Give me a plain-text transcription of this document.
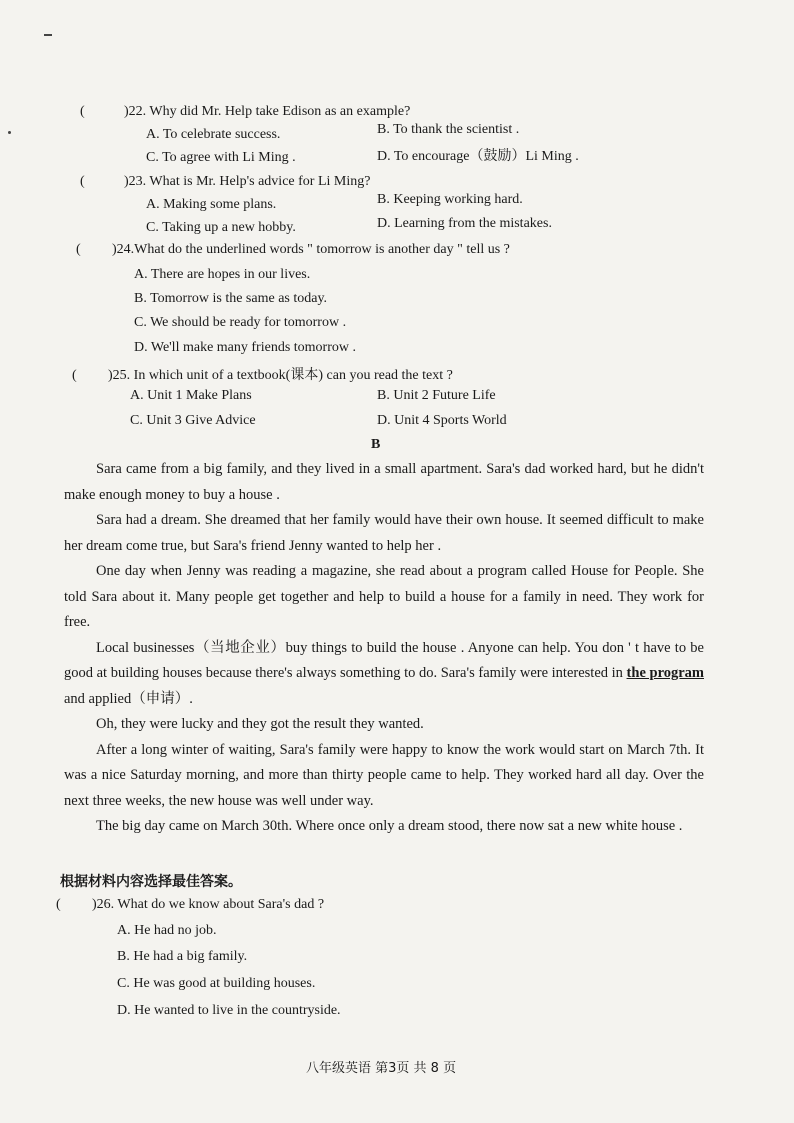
(	)22. Why did Mr. Help take Edison as an example?
A. To celebrate success.	B. To thank the scientist .
C. To agree with Li Ming .	D. To encourage（鼓励）Li Ming .
(	)23. What is Mr. Help's advice for Li Ming?
A. Making some plans.	B. Keeping working hard.
C. Taking up a new hobby.	D. Learning from the mistakes.
( )24.What do the underlined words " tomorrow is another day " tell us ?
A. There are hopes in our lives.
B. Tomorrow is the same as today.
C. We should be ready for tomorrow .
D. We'll make many friends tomorrow .
( )25. In which unit of a textbook(课本) can you read the text ?
A. Unit 1 Make Plans	B. Unit 2 Future Life
C. Unit 3 Give Advice	D. Unit 4 Sports World
B

Sara came from a big family, and they lived in a small apartment. Sara's dad worked hard, but he didn't make enough money to buy a house .

Sara had a dream. She dreamed that her family would have their own house. It seemed difficult to make her dream come true, but Sara's friend Jenny wanted to help her .

One day when Jenny was reading a magazine, she read about a program called House for People. She told Sara about it. Many people get together and help to build a house for a family in need. They work for free.

Local businesses（当地企业）buy things to build the house . Anyone can help. You don ' t have to be good at building houses because there's always something to do. Sara's family were interested in the program and applied（申请）.

Oh, they were lucky and they got the result they wanted.

After a long winter of waiting, Sara's family were happy to know the work would start on March 7th. It was a nice Saturday morning, and more than thirty people came to help. They worked hard all day. Over the next three weeks, the new house was well under way.

The big day came on March 30th. Where once only a dream stood, there now sat a new white house .

根据材料内容选择最佳答案。
( )26. What do we know about Sara's dad ?
A. He had no job.
B. He had a big family.
C. He was good at building houses.
D. He wanted to live in the countryside.
八年级英语 第3页 共 8 页
